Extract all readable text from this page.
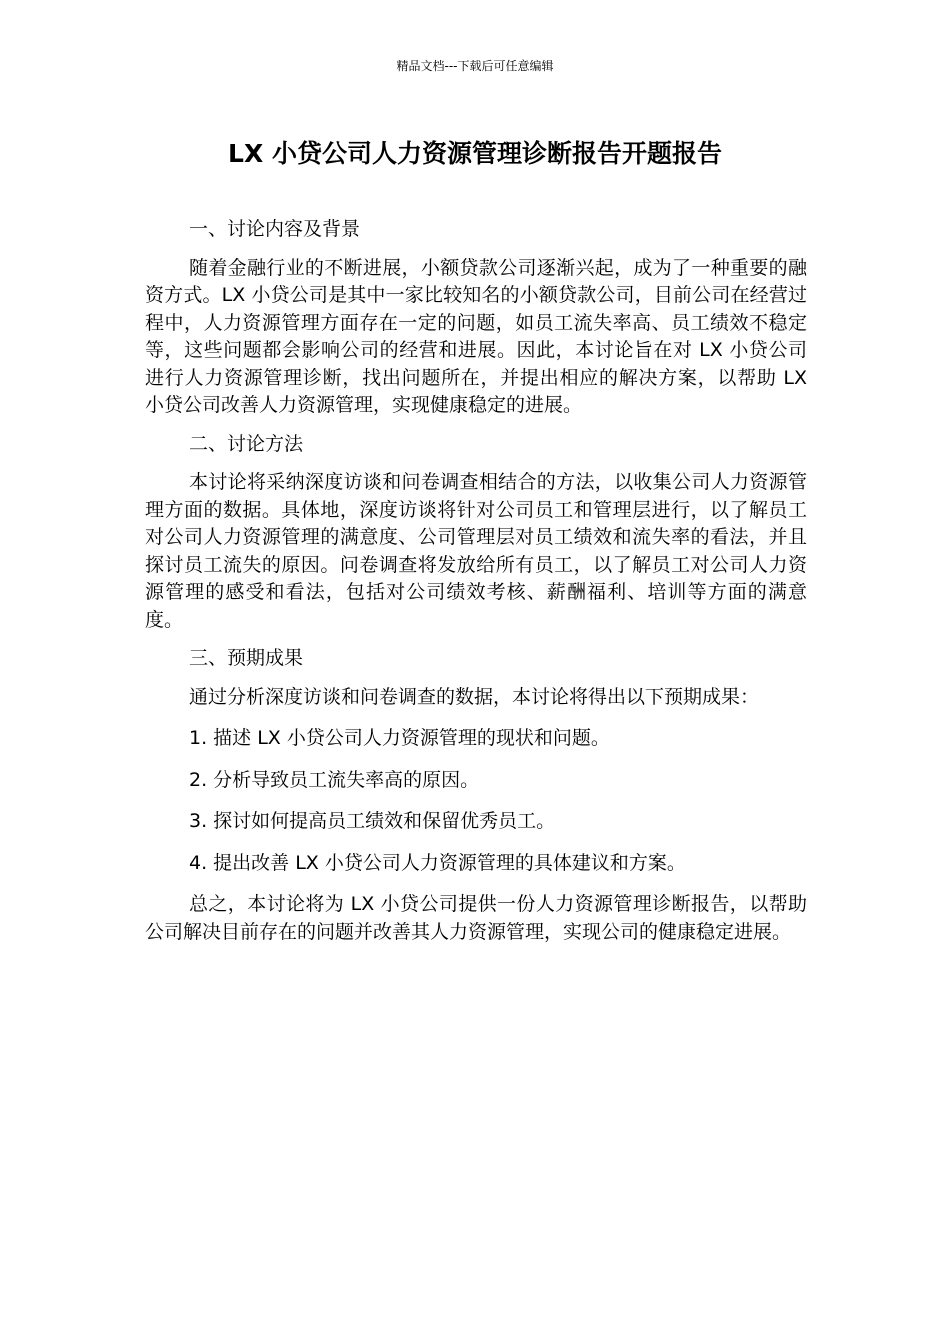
精品文档---下载后可任意编辑
LX 小贷公司人力资源管理诊断报告开题报告

一、讨论内容及背景

随着金融行业的不断进展，小额贷款公司逐渐兴起，成为了一种重要的融资方式。LX 小贷公司是其中一家比较知名的小额贷款公司，目前公司在经营过程中，人力资源管理方面存在一定的问题，如员工流失率高、员工绩效不稳定等，这些问题都会影响公司的经营和进展。因此，本讨论旨在对 LX 小贷公司进行人力资源管理诊断，找出问题所在，并提出相应的解决方案，以帮助 LX 小贷公司改善人力资源管理，实现健康稳定的进展。

二、讨论方法

本讨论将采纳深度访谈和问卷调查相结合的方法，以收集公司人力资源管理方面的数据。具体地，深度访谈将针对公司员工和管理层进行，以了解员工对公司人力资源管理的满意度、公司管理层对员工绩效和流失率的看法，并且探讨员工流失的原因。问卷调查将发放给所有员工，以了解员工对公司人力资源管理的感受和看法，包括对公司绩效考核、薪酬福利、培训等方面的满意度。

三、预期成果

通过分析深度访谈和问卷调查的数据，本讨论将得出以下预期成果：

1. 描述 LX 小贷公司人力资源管理的现状和问题。

2. 分析导致员工流失率高的原因。

3. 探讨如何提高员工绩效和保留优秀员工。

4. 提出改善 LX 小贷公司人力资源管理的具体建议和方案。

总之，本讨论将为 LX 小贷公司提供一份人力资源管理诊断报告，以帮助公司解决目前存在的问题并改善其人力资源管理，实现公司的健康稳定进展。
